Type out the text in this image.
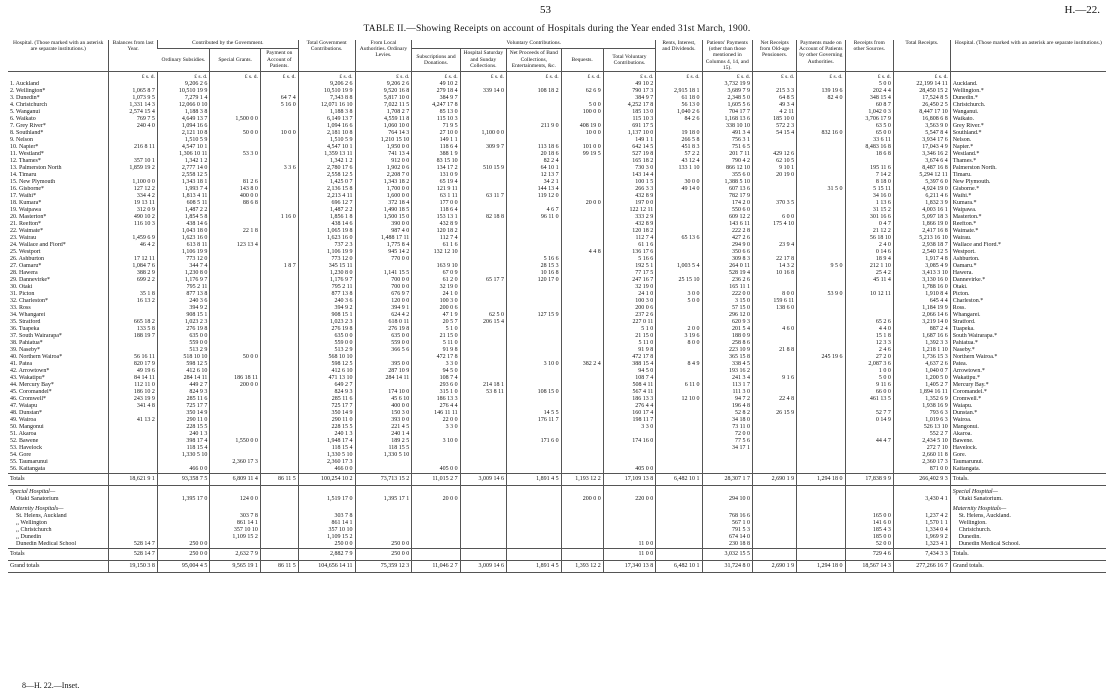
53	H.—22.
TABLE II.—Showing Receipts on account of Hospitals during the Year ended 31st March, 1900.
Hospital. (Those marked with an asterisk are separate institutions.)	Balances from last Year.	Contributed by the Government.			Total Government Contributions.	From Local Authorities. Ordinary Levies.	Voluntary Contributions.					Rents, Interest, and Dividends.	Patients' Payments (other than those mentioned in Columns 4, 14, and 15).	Net Receipts from Old-age Pensioners.	Payments made on Account of Patients by other Governing Authorities.	Receipts from other Sources.	Total Receipts.	Hospital. (Those marked with an asterisk are separate institutions.)
		Ordinary Subsidies.	Special Grants.	Payment on Account of Patients.			Subscriptions and Donations.	Hospital Saturday and Sunday Collections.	Net Proceeds of Band Collections, Entertainments, &c.	Bequests.	Total Voluntary Contributions.							
	£ s. d.	£ s. d.	£ s. d.	£ s. d.	£ s. d.	£ s. d.	£ s. d.	£ s. d.	£ s. d.	£ s. d.	£ s. d.	£ s. d.	£ s. d.	£ s. d.	£ s. d.	£ s. d.	£ s. d.	
1. Auckland		9,206 2 6			9,206 2 6	9,206 2 6	49 10 2				49 10 2		3,732 19 9			5 0 0	22,199 14 11	Auckland.
2. Wellington*	1,065 8 7	10,510 19 9			10,510 19 9	9,520 16 8	279 18 4	339 14 0	108 18 2	62 6 9	790 17 3	2,915 18 1	3,689 7 9	215 3 3	139 19 6	202 4 4	28,450 15 2	Wellington.*
3. Dunedin*	1,073 9 5	7,279 1 4		64 7 4	7,343 8 8	5,817 10 0	384 9 7				384 9 7	61 18 0	2,348 5 0	64 8 5	82 4 0	348 15 4	17,524 8 5	Dunedin.*
4. Christchurch	1,331 14 3	12,066 0 10		5 16 0	12,071 16 10	7,022 11 5	4,247 17 8			5 0 0	4,252 17 8	56 13 0	1,605 5 6	49 3 4		60 8 7	26,450 2 5	Christchurch.
5. Wanganui	2,574 15 4	1,188 3 8			1,188 3 8	1,708 2 7	85 13 0			100 0 0	185 13 0	1,040 2 6	704 17 7	4 2 11		1,042 0 3	8,447 17 10	Wanganui.
6. Waikato	769 7 5	4,649 13 7	1,500 0 0		6,149 13 7	4,559 11 8	115 10 3				115 10 3	84 2 6	1,168 13 6	185 10 0		3,706 17 9	16,808 6 8	Waikato.
7. Grey River*	240 4 0	1,094 16 6			1,094 16 6	1,060 10 0	71 9 5		211 9 0	408 19 0	691 17 5		338 10 10	572 2 3		63 5 0	3,563 9 0	Grey River.*
8. Southland*		2,121 10 8	50 0 0	10 0 0	2,181 10 8	764 14 3	27 10 0	1,100 0 0		10 0 0	1,137 10 0	19 18 0	491 3 4	54 15 4	832 16 0	65 0 0	5,547 8 4	Southland.*
9. Nelson		1,510 5 9			1,510 5 9	1,210 15 10	149 1 1				149 1 1	266 5 8	756 3 1			33 6 11	3,934 17 6	Nelson.
10. Napier*	216 8 11	4,547 10 1			4,547 10 1	1,950 0 0	118 6 4	309 9 7	113 18 6	101 0 0	642 14 5	451 8 3	751 6 5			8,483 16 8	17,043 4 9	Napier.*
11. Westland*		1,306 10 11	53 3 0		1,359 13 11	741 13 4	388 1 9		20 18 6	99 19 5	527 19 8	57 2 2	201 7 11	429 12 6		18 6 8	3,346 16 2	Westland.*
12. Thames*	357 10 1	1,342 1 2			1,342 1 2	912 0 0	83 15 10		82 2 4		165 18 2	43 12 4	790 4 2	62 10 5			3,674 6 4	Thames.*
13. Palmerston North	1,859 19 2	2,777 14 0		3 3 6	2,780 17 6	1,902 0 6	134 17 2	510 15 9	64 10 1		730 3 0	133 1 10	866 12 10	9 10 1		195 11 6	8,487 16 8	Palmerston North.
14. Timaru		2,558 12 5			2,558 12 5	2,208 7 0	131 0 9		12 13 7		143 14 4		355 6 0	20 19 0		7 14 2	5,294 12 11	Timaru.
15. New Plymouth	1,100 0 0	1,343 18 1	81 2 6		1,425 0 7	1,343 18 2	65 19 4		34 2 1		100 1 5	30 0 0	1,388 5 10			8 18 0	5,397 6 0	New Plymouth.
16. Gisborne*	127 12 2	1,993 7 4	143 8 0		2,136 15 8	1,700 0 0	121 9 11		144 13 4		266 3 3	49 14 0	607 13 6		31 5 0	5 15 11	4,924 19 0	Gisborne.*
17. Waihi*	334 4 2	1,813 4 11	400 0 0		2,213 4 11	1,600 0 0	63 1 11	63 11 7	119 12 0		432 8 9		782 17 9			34 16 0	6,211 4 6	Waihi.*
18. Kumara*	19 13 11	608 5 11	88 6 8		696 12 7	372 18 4	177 0 0			20 0 0	197 0 0		174 2 0	370 3 5		1 13 6	1,832 3 9	Kumara.*
19. Waipawa	312 0 9	1,487 2 2			1,487 2 2	1,490 18 5	118 6 4		4 6 7		122 12 11		550 6 0			31 15 2	4,003 16 1	Waipawa.
20. Masterton*	490 10 2	1,854 5 8		1 16 0	1,856 1 8	1,500 15 0	153 13 1	82 18 8	96 11 0		333 2 9		609 12 2	6 0 0		301 16 6	5,097 18 3	Masterton.*
21. Reefton*	116 10 3	438 14 6			438 14 6	390 0 0	432 8 9				432 8 9		143 6 11	175 4 10		0 4 7	1,866 19 0	Reefton.*
22. Waimate*		1,043 18 0	22 1 8		1,065 19 8	987 4 0	120 18 2				120 18 2		222 2 8			21 12 2	2,417 16 8	Waimate.*
23. Wairau	1,459 6 9	1,623 16 0			1,623 16 0	1,488 17 11	112 7 4				112 7 4	65 13 6	427 2 6			56 18 10	5,213 16 10	Wairau.
24. Wallace and Fiord*	46 4 2	613 8 11	123 13 4		737 2 3	1,775 8 4	61 1 6				61 1 6		294 9 0	23 9 4		2 4 0	2,938 18 7	Wallace and Fiord.*
25. Westport		1,106 19 9			1,106 19 9	945 14 2	132 12 10			4 4 8	136 17 6		350 6 6			0 14 6	2,540 12 5	Westport.
26. Ashburton	17 12 11	773 12 0			773 12 0	770 0 0			5 16 6		5 16 6		309 8 3	22 17 8		18 9 4	1,917 4 8	Ashburton.
27. Oamaru*	1,084 7 6	344 7 4		1 8 7	345 15 11		163 9 10		28 15 3		192 5 1	1,003 5 4	264 0 11	14 3 2	9 5 0	212 1 10	3,085 4 9	Oamaru.*
28. Hawera	388 2 9	1,230 8 0			1,230 8 0	1,141 15 5	67 0 9		10 16 8		77 17 5		528 19 4	10 16 8		25 4 2	3,413 3 10	Hawera.
29. Dannevirke*	699 2 2	1,176 9 7			1,176 9 7	700 0 0	61 2 0	65 17 7	120 17 0		247 16 7	25 15 10	236 2 6			45 11 4	3,130 16 0	Dannevirke.*
30. Otaki		795 2 11			795 2 11	700 0 0	32 19 0				32 19 0		165 11 1				1,788 16 0	Otaki.
31. Picton	35 1 8	877 13 8			877 13 8	676 9 7	24 1 0				24 1 0	3 0 0	222 0 0	8 0 0	53 9 0	10 12 11	1,910 8 4	Picton.
32. Charleston*	16 13 2	240 3 6			240 3 6	120 0 0	100 3 0				100 3 0	5 0 0	3 15 0	159 6 11			645 4 4	Charleston.*
33. Ross		394 9 2			394 9 2	394 9 1	200 0 6				200 0 6		57 15 0	138 6 0			1,184 19 9	Ross.
34. Whangarei		908 15 1			908 15 1	624 4 2	47 1 9	62 5 0	127 15 9		237 2 6		296 12 0				2,066 14 6	Whangarei.
35. Stratford	665 18 2	1,023 2 3			1,023 2 3	618 0 11	20 5 7	206 15 4			227 0 11		620 9 3			65 2 6	3,219 14 0	Stratford.
36. Tuapeka	133 5 8	276 19 8			276 19 8	276 19 8	5 1 0				5 1 0	2 0 0	201 5 4	4 6 0		4 4 0	887 2 4	Tuapeka.
37. South Wairarapa*	188 19 7	635 0 0			635 0 0	635 0 0	21 15 0				21 15 0	3 19 6	188 0 9			15 1 8	1,687 16 6	South Wairarapa.*
38. Pahiatua*		559 0 0			559 0 0	559 0 0	5 11 0				5 11 0	8 0 0	258 8 6			12 3 3	1,392 3 3	Pahiatua.*
39. Naseby*		513 2 9			513 2 9	366 5 6	91 9 8				91 9 8		223 10 9	21 8 8		2 4 6	1,218 1 10	Naseby.*
40. Northern Wairoa*	56 16 11	518 10 10	50 0 0		568 10 10		472 17 8				472 17 8		365 15 8		245 19 6	27 2 0	1,736 15 3	Northern Wairoa.*
41. Patea	820 17 9	598 12 5			598 12 5	395 0 0	3 3 0		3 10 0	382 2 4	388 15 4	8 4 9	338 4 5			2,087 3 6	4,637 2 6	Patea.
42. Arrowtown*	49 19 6	412 6 10			412 6 10	287 10 9	94 5 0				94 5 0		193 16 2			1 0 0	1,040 0 7	Arrowtown.*
43. Wakatipu*	84 14 11	284 14 11	186 18 11		471 13 10	284 14 11	108 7 4				108 7 4		241 3 4	9 1 6		5 0 0	1,200 5 0	Wakatipu.*
44. Mercury Bay*	112 11 0	449 2 7	200 0 0		649 2 7		293 6 0	214 18 1			508 4 11	6 11 0	113 1 7			9 11 6	1,405 2 7	Mercury Bay.*
45. Coromandel*	186 10 2	824 9 3			824 9 3	174 10 0	315 1 0	53 8 11	108 15 0		567 4 11		111 3 0			66 0 0	1,894 16 11	Coromandel.*
46. Cromwell*	243 19 9	285 11 6			285 11 6	45 6 10	186 13 3				186 13 3	12 10 0	94 7 2	22 4 8		461 13 5	1,352 6 9	Cromwell.*
47. Waiapu	341 4 8	725 17 7			725 17 7	400 0 0	276 4 4				276 4 4		196 4 8				1,938 16 9	Waiapu.
48. Dunstan*		350 14 9			350 14 9	150 3 0	146 11 11		14 5 5		160 17 4		52 8 2	26 15 9		52 7 7	793 6 3	Dunstan.*
49. Wairoa	41 13 2	290 11 0			290 11 0	393 0 0	22 0 0		176 11 7		198 11 7		34 18 0			0 14 9	1,019 6 3	Wairoa.
50. Mangonui		228 15 5			228 15 5	221 4 5	3 3 0				3 3 0		73 11 0				526 13 10	Mangonui.
51. Akaroa		240 1 3			240 1 3	240 1 4							72 0 0				552 2 7	Akaroa.
52. Bawene		398 17 4	1,550 0 0		1,948 17 4	189 2 5	3 10 0		171 6 0		174 16 0		77 5 6			44 4 7	2,434 5 10	Bawene.
53. Havelock		118 15 4			118 15 4	118 15 5							34 17 1				272 7 10	Havelock.
54. Gore		1,330 5 10			1,330 5 10	1,330 5 10											2,660 11 8	Gore.
55. Taumarunui			2,360 17 3		2,360 17 3												2,360 17 3	Taumarunui.
56. Kaitangata		466 0 0			466 0 0		405 0 0				405 0 0						871 0 0	Kaitangata.
Totals	18,621 9 1	93,358 7 5	6,809 11 4	86 11 5	100,254 10 2	73,713 15 2	11,015 2 7	3,009 14 6	1,891 4 5	1,193 12 2	17,109 13 8	6,482 10 1	28,307 1 7	2,690 1 9	1,294 18 0	17,838 9 9	266,402 9 3	Totals.
Special Hospital—																		Special Hospital—
Otaki Sanatorium		1,395 17 0	124 0 0		1,519 17 0	1,395 17 1	20 0 0			200 0 0	220 0 0		294 10 0				3,430 4 1	Otaki Sanatorium.
Maternity Hospitals—																		Maternity Hospitals—
St. Helens, Auckland			303 7 8		303 7 8								768 16 6			165 0 0	1,237 4 2	St. Helens, Auckland.
,, Wellington			861 14 1		861 14 1								567 1 0			141 6 0	1,570 1 1	Wellington.
,, Christchurch			357 10 10		357 10 10								791 5 3			185 4 3	1,334 0 4	Christchurch.
,, Dunedin			1,109 15 2		1,109 15 2								674 14 0			185 0 0	1,969 9 2	Dunedin.
Dunedin Medical School	528 14 7	250 0 0			250 0 0	250 0 0					11 0 0		230 18 8			52 0 0	1,323 4 1	Dunedin Medical School.
Totals	528 14 7	250 0 0	2,632 7 9		2,882 7 9	250 0 0					11 0 0		3,032 15 5			729 4 6	7,434 3 3	Totals.
Grand totals	19,150 3 8	95,004 4 5	9,565 19 1	86 11 5	104,656 14 11	75,359 12 3	11,046 2 7	3,009 14 6	1,891 4 5	1,393 12 2	17,340 13 8	6,482 10 1	31,724 8 0	2,690 1 9	1,294 18 0	18,567 14 3	277,266 16 7	Grand totals.
8—H. 22.—Inset.
